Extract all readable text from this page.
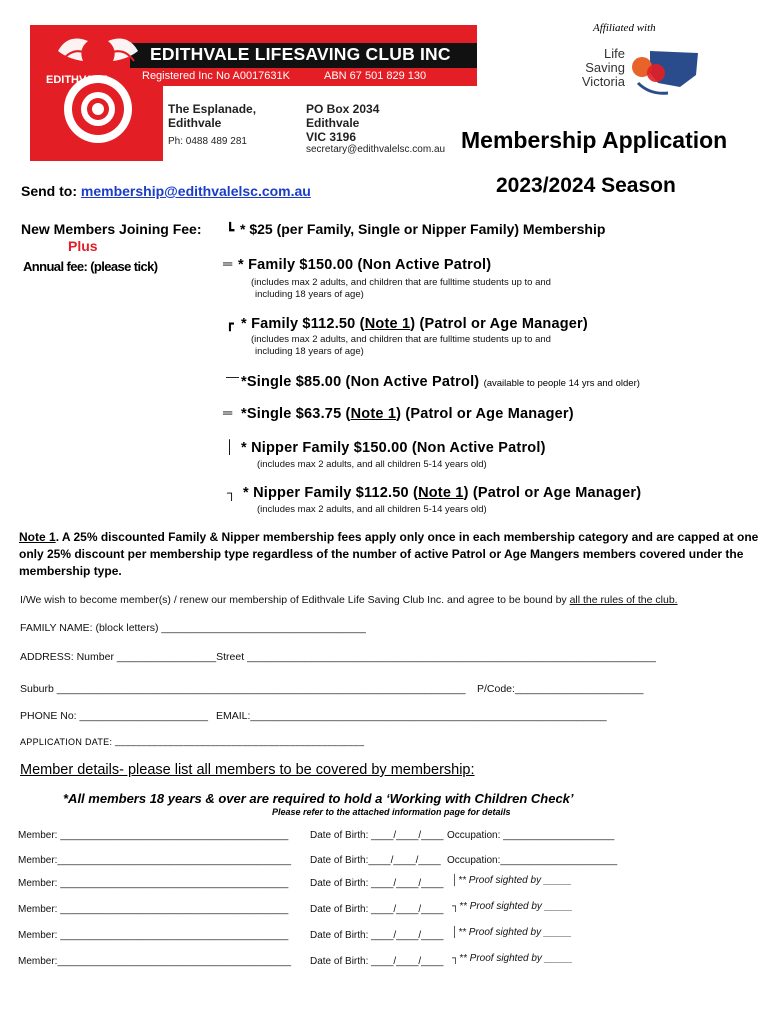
EDITHVALE
EDITHVALE LIFESAVING CLUB INC
Registered Inc No A0017631K	ABN 67 501 829 130
The Esplanade,
Edithvale
Ph: 0488 489 281
PO Box 2034
Edithvale
VIC 3196
secretary@edithvalelsc.com.au
Affiliated with
Life
Saving
Victoria
Membership Application
2023/2024 Season
Send to: membership@edithvalelsc.com.au
New Members Joining Fee: ┗ * $25 (per Family, Single or Nipper Family) Membership
Plus
Annual fee: (please tick)	═ * Family $150.00 (Non Active Patrol)
(includes max 2 adults, and children that are fulltime students up to and
including 18 years of age)
┏ * Family $112.50 (Note 1) (Patrol or Age Manager)
(includes max 2 adults, and children that are fulltime students up to and
including 18 years of age)
— *Single $85.00 (Non Active Patrol) (available to people 14 yrs and older)
═ *Single $63.75 (Note 1) (Patrol or Age Manager)
│ * Nipper Family $150.00 (Non Active Patrol)
(includes max 2 adults, and all children 5-14 years old)
┐ * Nipper Family $112.50 (Note 1) (Patrol or Age Manager)
(includes max 2 adults, and all children 5-14 years old)
Note 1. A 25% discounted Family & Nipper membership fees apply only once in each membership category and are capped at one only 25% discount per membership type regardless of the number of active Patrol or Age Mangers members covered under the membership type.
I/We wish to become member(s) / renew our membership of Edithvale Life Saving Club Inc. and agree to be bound by all the rules of the club.
FAMILY NAME: (block letters) ___________________________________
ADDRESS: Number _________________Street ______________________________________________________________________
Suburb ______________________________________________________________________ P/Code:______________________
PHONE No: ______________________ EMAIL:_____________________________________________________________
APPLICATION DATE: _______________________________________________
Member details- please list all members to be covered by membership:
*All members 18 years & over are required to hold a ‘Working with Children Check’
Please refer to the attached information page for details
Member: _________________________________________ Date of Birth: ____/____/____ Occupation: ____________________
Member:__________________________________________ Date of Birth:____/____/____ Occupation:_____________________
Member: _________________________________________ Date of Birth: ____/____/____ │** Proof sighted by _____
Member: _________________________________________ Date of Birth: ____/____/____ ┐** Proof sighted by _____
Member: _________________________________________ Date of Birth: ____/____/____ │** Proof sighted by _____
Member:__________________________________________ Date of Birth: ____/____/____ ┐** Proof sighted by _____
